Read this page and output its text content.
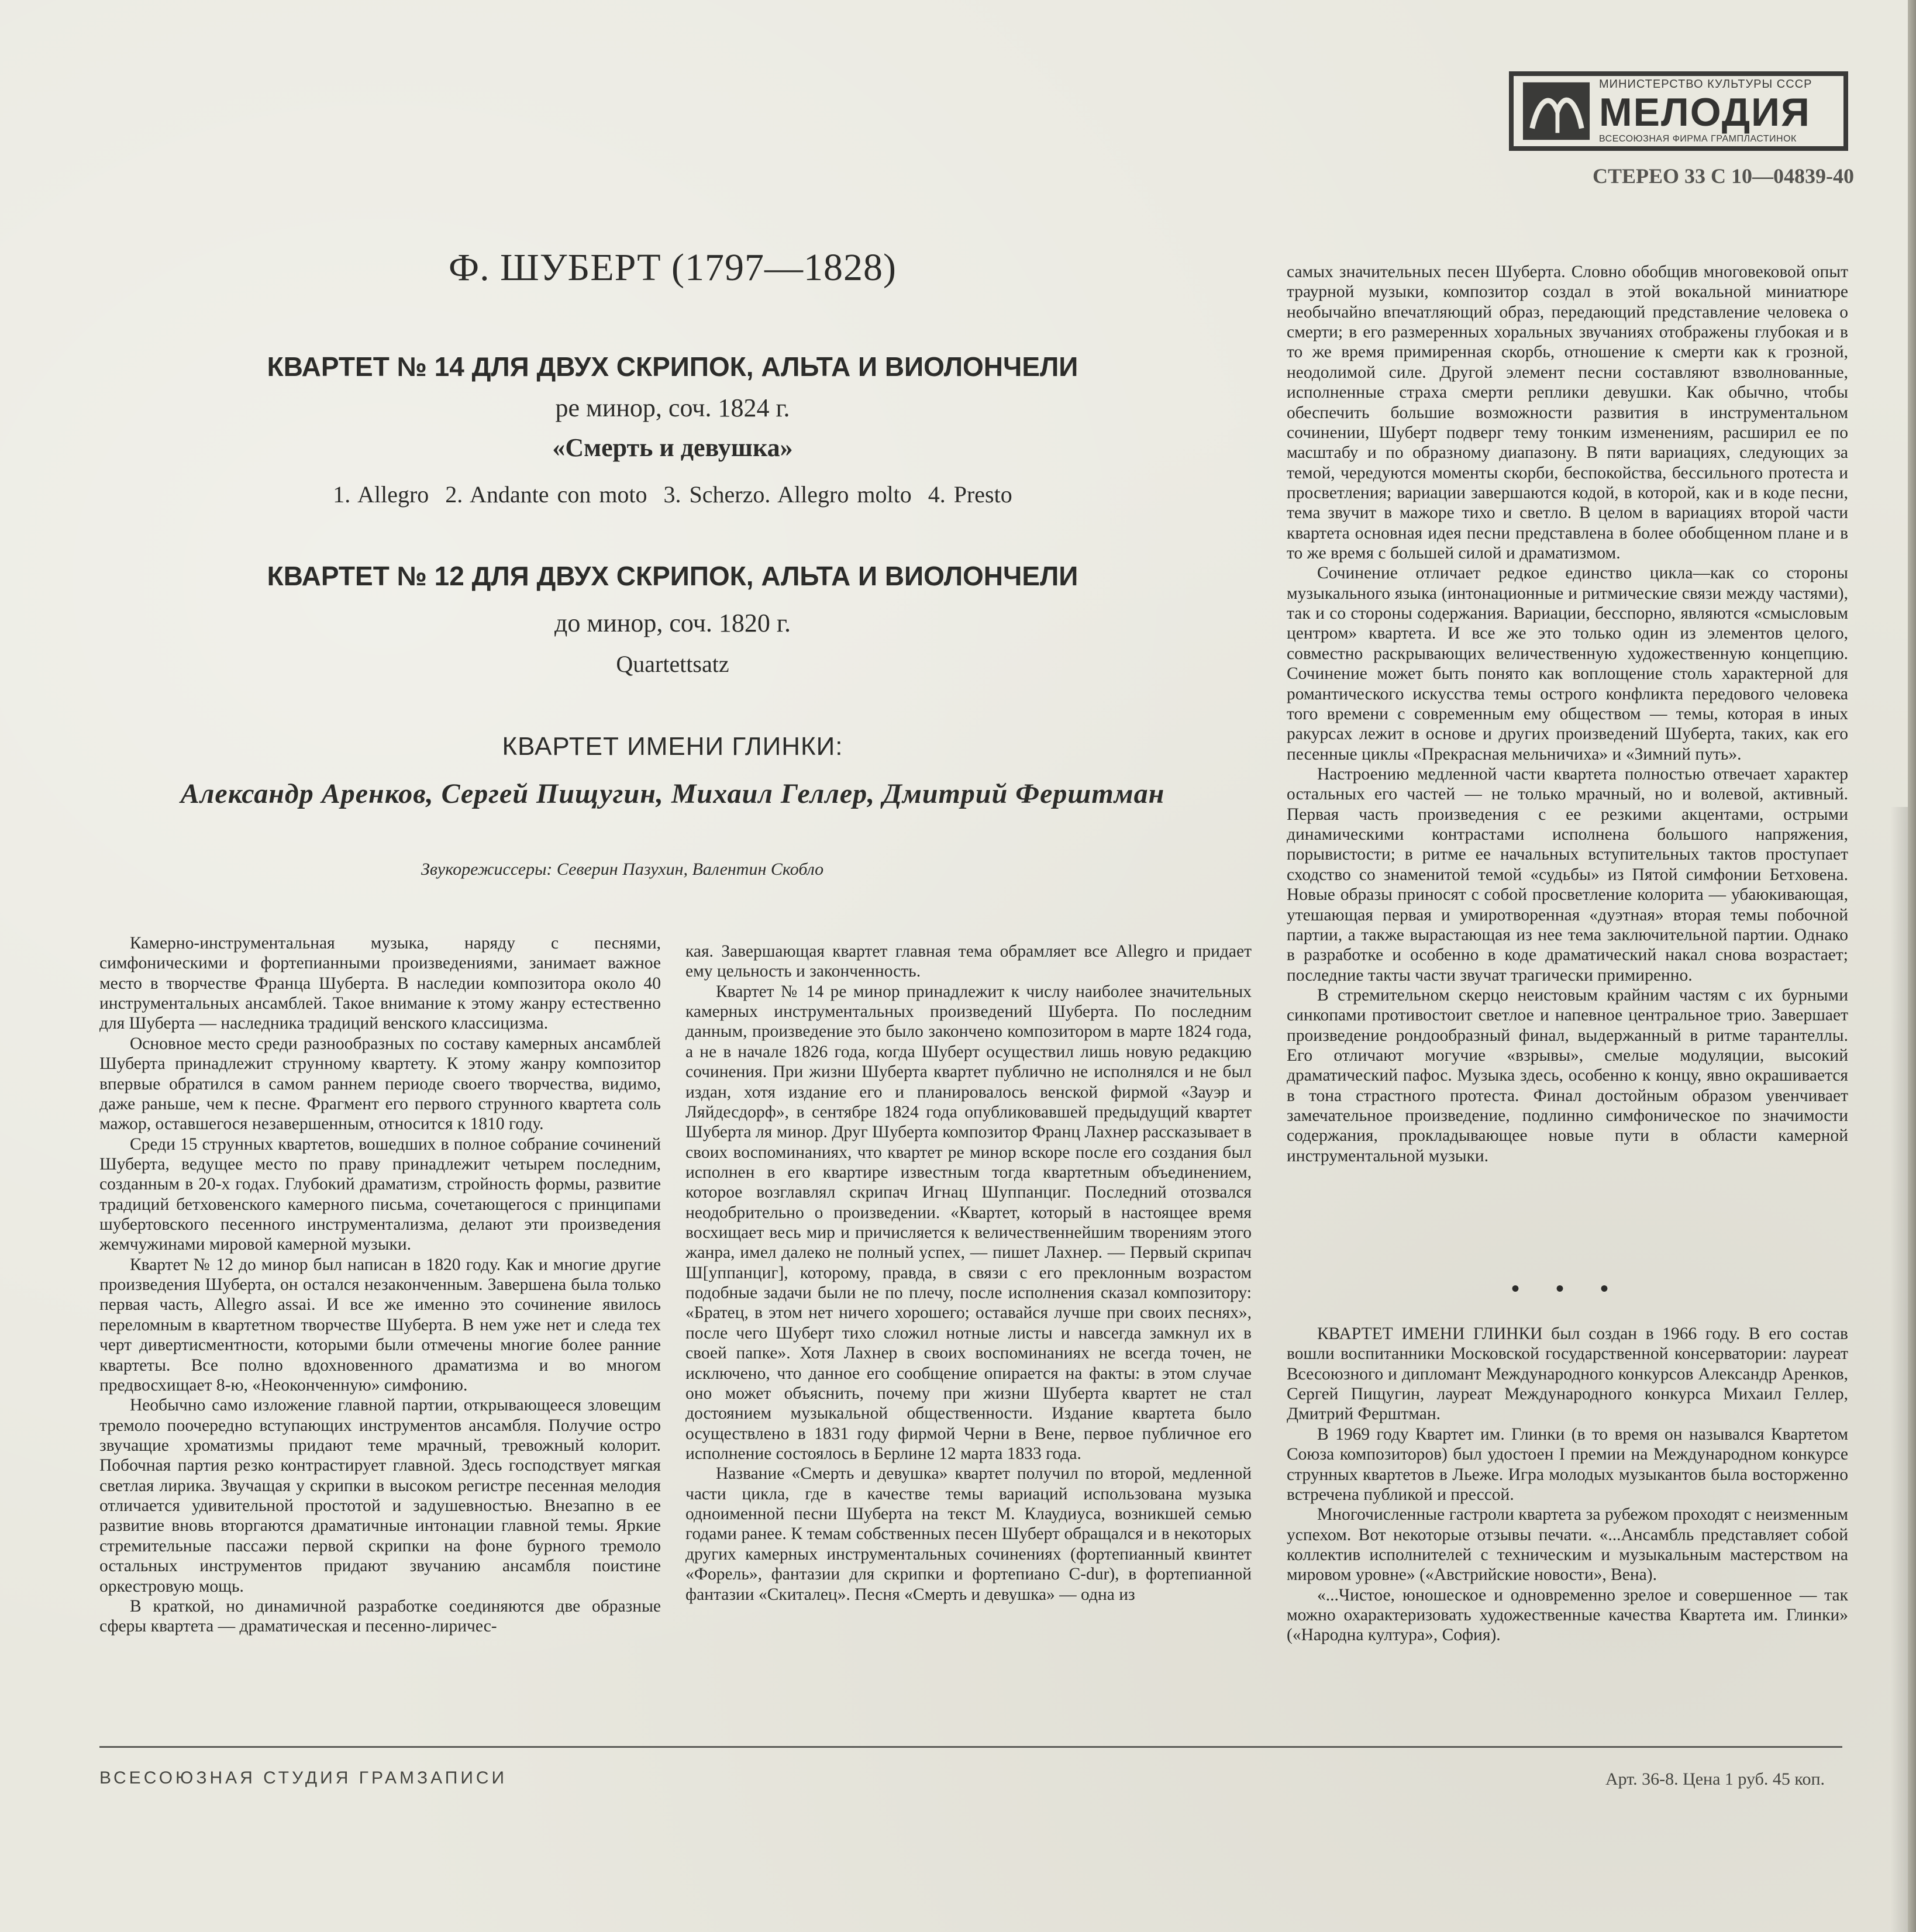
МИНИСТЕРСТВО КУЛЬТУРЫ СССР
МЕЛОДИЯ
ВСЕСОЮЗНАЯ ФИРМА ГРАМПЛАСТИНОК
СТЕРЕО 33 С 10—04839-40
Ф. ШУБЕРТ (1797—1828)
КВАРТЕТ № 14 ДЛЯ ДВУХ СКРИПОК, АЛЬТА И ВИОЛОНЧЕЛИ
ре минор, соч. 1824 г.
«Смерть и девушка»
1. Allegro  2. Andante con moto  3. Scherzo. Allegro molto  4. Presto
КВАРТЕТ № 12 ДЛЯ ДВУХ СКРИПОК, АЛЬТА И ВИОЛОНЧЕЛИ
до минор, соч. 1820 г.
Quartettsatz
КВАРТЕТ ИМЕНИ ГЛИНКИ:
Александр Аренков, Сергей Пищугин, Михаил Геллер, Дмитрий Ферштман
Звукорежиссеры: Северин Пазухин, Валентин Скобло

Камерно-инструментальная музыка, наряду с песнями, симфоническими и фортепианными произведениями, занимает важное место в творчестве Франца Шуберта. В наследии композитора около 40 инструментальных ансамблей. Такое внимание к этому жанру естественно для Шуберта — наследника традиций венского классицизма.

Основное место среди разнообразных по составу камерных ансамблей Шуберта принадлежит струнному квартету. К этому жанру композитор впервые обратился в самом раннем периоде своего творчества, видимо, даже раньше, чем к песне. Фрагмент его первого струнного квартета соль мажор, оставшегося незавершенным, относится к 1810 году.

Среди 15 струнных квартетов, вошедших в полное собрание сочинений Шуберта, ведущее место по праву принадлежит четырем последним, созданным в 20-х годах. Глубокий драматизм, стройность формы, развитие традиций бетховенского камерного письма, сочетающегося с принципами шубертовского песенного инструментализма, делают эти произведения жемчужинами мировой камерной музыки.

Квартет № 12 до минор был написан в 1820 году. Как и многие другие произведения Шуберта, он остался незаконченным. Завершена была только первая часть, Allegro assai. И все же именно это сочинение явилось переломным в квартетном творчестве Шуберта. В нем уже нет и следа тех черт дивертисментности, которыми были отмечены многие более ранние квартеты. Все полно вдохновенного драматизма и во многом предвосхищает 8-ю, «Неоконченную» симфонию.

Необычно само изложение главной партии, открывающееся зловещим тремоло поочередно вступающих инструментов ансамбля. Получие остро звучащие хроматизмы придают теме мрачный, тревожный колорит. Побочная партия резко контрастирует главной. Здесь господствует мягкая светлая лирика. Звучащая у скрипки в высоком регистре песенная мелодия отличается удивительной простотой и задушевностью. Внезапно в ее развитие вновь вторгаются драматичные интонации главной темы. Яркие стремительные пассажи первой скрипки на фоне бурного тремоло остальных инструментов придают звучанию ансамбля поистине оркестровую мощь.

В краткой, но динамичной разработке соединяются две образные сферы квартета — драматическая и песенно-лиричес-

кая. Завершающая квартет главная тема обрамляет все Allegro и придает ему цельность и законченность.

Квартет № 14 ре минор принадлежит к числу наиболее значительных камерных инструментальных произведений Шуберта. По последним данным, произведение это было закончено композитором в марте 1824 года, а не в начале 1826 года, когда Шуберт осуществил лишь новую редакцию сочинения. При жизни Шуберта квартет публично не исполнялся и не был издан, хотя издание его и планировалось венской фирмой «Зауэр и Ляйдесдорф», в сентябре 1824 года опубликовавшей предыдущий квартет Шуберта ля минор. Друг Шуберта композитор Франц Лахнер рассказывает в своих воспоминаниях, что квартет ре минор вскоре после его создания был исполнен в его квартире известным тогда квартетным объединением, которое возглавлял скрипач Игнац Шуппанциг. Последний отозвался неодобрительно о произведении. «Квартет, который в настоящее время восхищает весь мир и причисляется к величественнейшим творениям этого жанра, имел далеко не полный успех, — пишет Лахнер. — Первый скрипач Ш[уппанциг], которому, правда, в связи с его преклонным возрастом подобные задачи были не по плечу, после исполнения сказал композитору: «Братец, в этом нет ничего хорошего; оставайся лучше при своих песнях», после чего Шуберт тихо сложил нотные листы и навсегда замкнул их в своей папке». Хотя Лахнер в своих воспоминаниях не всегда точен, не исключено, что данное его сообщение опирается на факты: в этом случае оно может объяснить, почему при жизни Шуберта квартет не стал достоянием музыкальной общественности. Издание квартета было осуществлено в 1831 году фирмой Черни в Вене, первое публичное его исполнение состоялось в Берлине 12 марта 1833 года.

Название «Смерть и девушка» квартет получил по второй, медленной части цикла, где в качестве темы вариаций использована музыка одноименной песни Шуберта на текст М. Клаудиуса, возникшей семью годами ранее. К темам собственных песен Шуберт обращался и в некоторых других камерных инструментальных сочинениях (фортепианный квинтет «Форель», фантазии для скрипки и фортепиано C-dur), в фортепианной фантазии «Скиталец». Песня «Смерть и девушка» — одна из

самых значительных песен Шуберта. Словно обобщив многовековой опыт траурной музыки, композитор создал в этой вокальной миниатюре необычайно впечатляющий образ, передающий представление человека о смерти; в его размеренных хоральных звучаниях отображены глубокая и в то же время примиренная скорбь, отношение к смерти как к грозной, неодолимой силе. Другой элемент песни составляют взволнованные, исполненные страха смерти реплики девушки. Как обычно, чтобы обеспечить большие возможности развития в инструментальном сочинении, Шуберт подверг тему тонким изменениям, расширил ее по масштабу и по образному диапазону. В пяти вариациях, следующих за темой, чередуются моменты скорби, беспокойства, бессильного протеста и просветления; вариации завершаются кодой, в которой, как и в коде песни, тема звучит в мажоре тихо и светло. В целом в вариациях второй части квартета основная идея песни представлена в более обобщенном плане и в то же время с большей силой и драматизмом.

Сочинение отличает редкое единство цикла—как со стороны музыкального языка (интонационные и ритмические связи между частями), так и со стороны содержания. Вариации, бесспорно, являются «смысловым центром» квартета. И все же это только один из элементов целого, совместно раскрывающих величественную художественную концепцию. Сочинение может быть понято как воплощение столь характерной для романтического искусства темы острого конфликта передового человека того времени с современным ему обществом — темы, которая в иных ракурсах лежит в основе и других произведений Шуберта, таких, как его песенные циклы «Прекрасная мельничиха» и «Зимний путь».

Настроению медленной части квартета полностью отвечает характер остальных его частей — не только мрачный, но и волевой, активный. Первая часть произведения с ее резкими акцентами, острыми динамическими контрастами исполнена большого напряжения, порывистости; в ритме ее начальных вступительных тактов проступает сходство со знаменитой темой «судьбы» из Пятой симфонии Бетховена. Новые образы приносят с собой просветление колорита — убаюкивающая, утешающая первая и умиротворенная «дуэтная» вторая темы побочной партии, а также вырастающая из нее тема заключительной партии. Однако в разработке и особенно в коде драматический накал снова возрастает; последние такты части звучат трагически примиренно.

В стремительном скерцо неистовым крайним частям с их бурными синкопами противостоит светлое и напевное центральное трио. Завершает произведение рондообразный финал, выдержанный в ритме тарантеллы. Его отличают могучие «взрывы», смелые модуляции, высокий драматический пафос. Музыка здесь, особенно к концу, явно окрашивается в тона страстного протеста. Финал достойным образом увенчивает замечательное произведение, подлинно симфоническое по значимости содержания, прокладывающее новые пути в области камерной инструментальной музыки.

• • •

КВАРТЕТ ИМЕНИ ГЛИНКИ был создан в 1966 году. В его состав вошли воспитанники Московской государственной консерватории: лауреат Всесоюзного и дипломант Международного конкурсов Александр Аренков, Сергей Пищугин, лауреат Международного конкурса Михаил Геллер, Дмитрий Ферштман.

В 1969 году Квартет им. Глинки (в то время он назывался Квартетом Союза композиторов) был удостоен I премии на Международном конкурсе струнных квартетов в Льеже. Игра молодых музыкантов была восторженно встречена публикой и прессой.

Многочисленные гастроли квартета за рубежом проходят с неизменным успехом. Вот некоторые отзывы печати. «...Ансамбль представляет собой коллектив исполнителей с техническим и музыкальным мастерством на мировом уровне» («Австрийские новости», Вена).

«...Чистое, юношеское и одновременно зрелое и совершенное — так можно охарактеризовать художественные качества Квартета им. Глинки» («Народна култура», София).

ВСЕСОЮЗНАЯ СТУДИЯ ГРАМЗАПИСИ	Арт. 36-8. Цена 1 руб. 45 коп.
